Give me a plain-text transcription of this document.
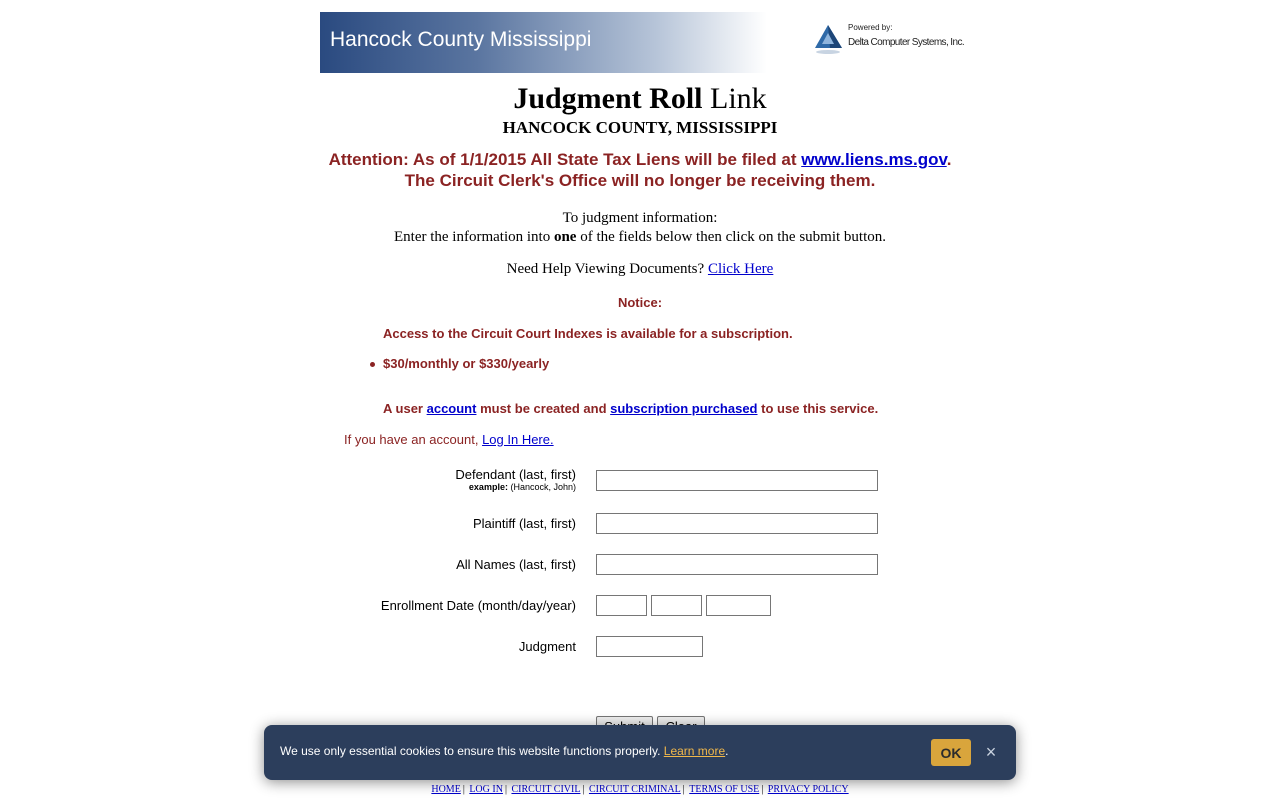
Hancock County Mississippi
Powered by:
Delta Computer Systems, Inc.
Judgment Roll Link
HANCOCK COUNTY, MISSISSIPPI
Attention: As of 1/1/2015 All State Tax Liens will be filed at www.liens.ms.gov.
The Circuit Clerk's Office will no longer be receiving them.
To judgment information:
Enter the information into one of the fields below then click on the submit button.
Need Help Viewing Documents? Click Here
Notice:
Access to the Circuit Court Indexes is available for a subscription.
$30/monthly or $330/yearly
A user account must be created and subscription purchased to use this service.
If you have an account, Log In Here.
Defendant (last, first)
example: (Hancock, John)
Plaintiff (last, first)
All Names (last, first)
Enrollment Date (month/day/year)
Judgment
HOME | LOG IN | CIRCUIT CIVIL | CIRCUIT CRIMINAL | TERMS OF USE | PRIVACY POLICY
We use only essential cookies to ensure this website functions properly. Learn more.	OK	×
